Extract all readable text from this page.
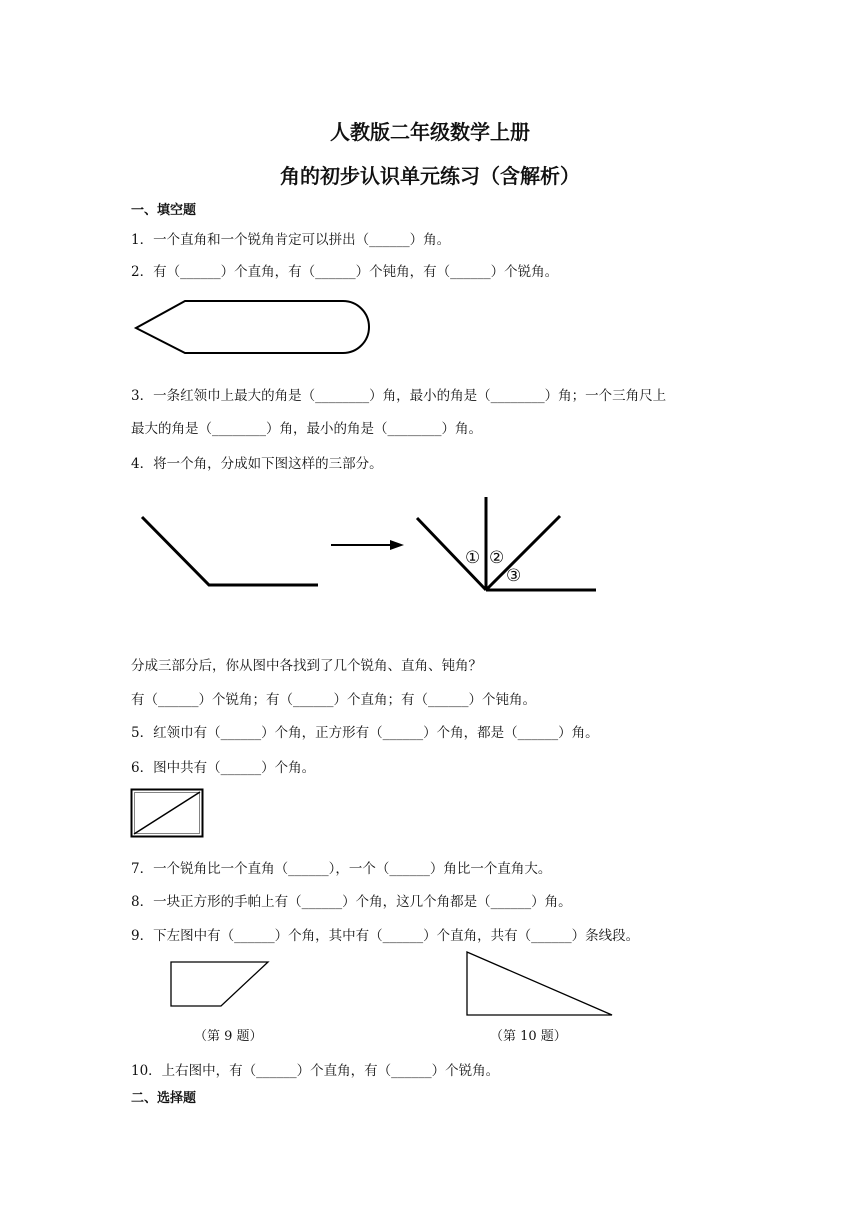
人教版二年级数学上册
角的初步认识单元练习（含解析）
一、填空题
1．一个直角和一个锐角肯定可以拼出（______）角。
2．有（______）个直角，有（______）个钝角，有（______）个锐角。
3．一条红领巾上最大的角是（________）角，最小的角是（________）角；一个三角尺上
最大的角是（________）角，最小的角是（________）角。
4．将一个角，分成如下图这样的三部分。
① ②
③
分成三部分后，你从图中各找到了几个锐角、直角、钝角？
有（______）个锐角；有（______）个直角；有（______）个钝角。
5．红领巾有（______）个角，正方形有（______）个角，都是（______）角。
6．图中共有（______）个角。
7．一个锐角比一个直角（______），一个（______）角比一个直角大。
8．一块正方形的手帕上有（______）个角，这几个角都是（______）角。
9．下左图中有（______）个角，其中有（______）个直角，共有（______）条线段。
（第 9 题）	（第 10 题）
10．上右图中，有（______）个直角，有（______）个锐角。
二、选择题
